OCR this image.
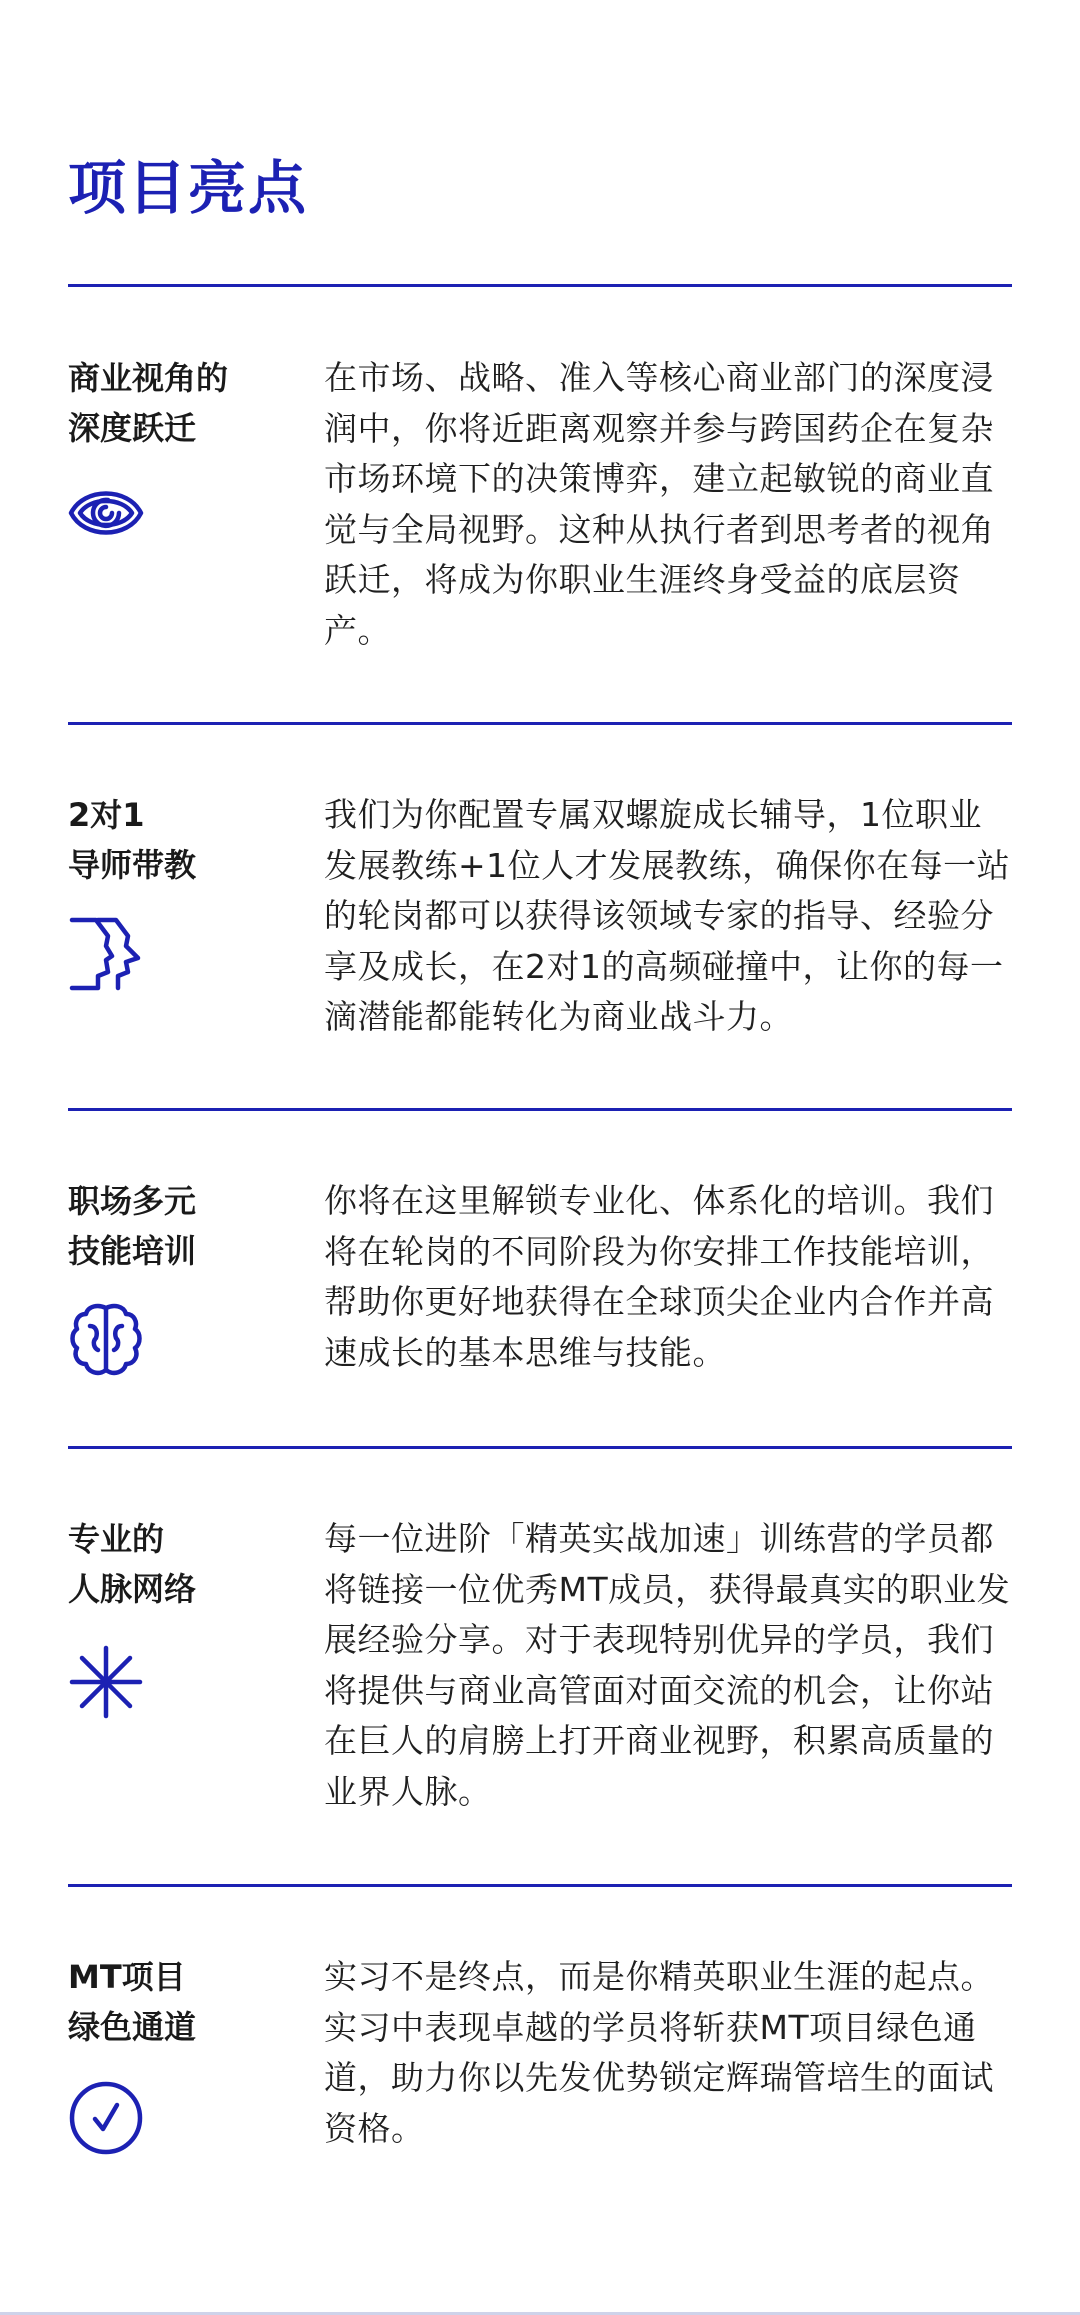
项目亮点

商业视角的
深度跃迁

在市场、战略、准入等核心商业部门的深度浸润中，你将近距离观察并参与跨国药企在复杂市场环境下的决策博弈，建立起敏锐的商业直觉与全局视野。这种从执行者到思考者的视角跃迁，将成为你职业生涯终身受益的底层资产。

2对1
导师带教

我们为你配置专属双螺旋成长辅导，1位职业发展教练+1位人才发展教练，确保你在每一站的轮岗都可以获得该领域专家的指导、经验分享及成长，在2对1的高频碰撞中，让你的每一滴潜能都能转化为商业战斗力。

职场多元
技能培训

你将在这里解锁专业化、体系化的培训。我们将在轮岗的不同阶段为你安排工作技能培训，帮助你更好地获得在全球顶尖企业内合作并高速成长的基本思维与技能。

专业的
人脉网络

每一位进阶「精英实战加速」训练营的学员都将链接一位优秀MT成员，获得最真实的职业发展经验分享。对于表现特别优异的学员，我们将提供与商业高管面对面交流的机会，让你站在巨人的肩膀上打开商业视野，积累高质量的业界人脉。

MT项目
绿色通道

实习不是终点，而是你精英职业生涯的起点。实习中表现卓越的学员将斩获MT项目绿色通道，助力你以先发优势锁定辉瑞管培生的面试资格。
